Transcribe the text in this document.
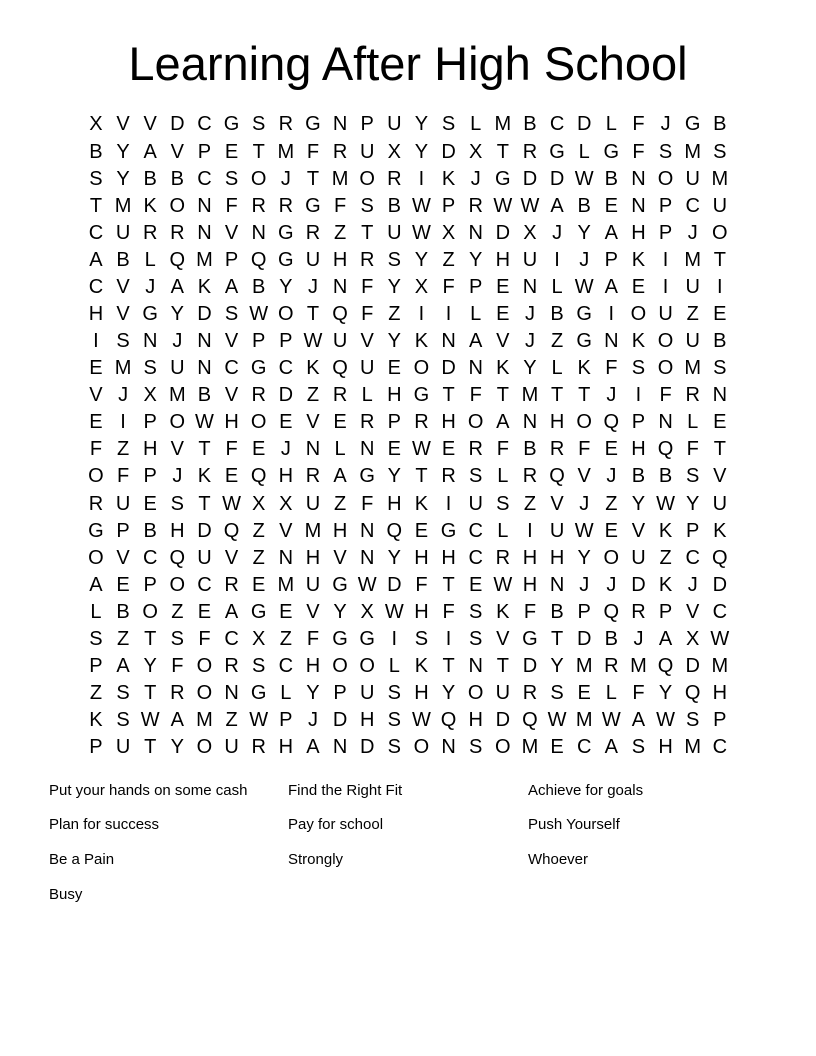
Learning After High School
X V V D C G S R G N P U Y S L M B C D L F J G B
B Y A V P E T M F R U X Y D X T R G L G F S M S
S Y B B C S O J T M O R I K J G D D W B N O U M
T M K O N F R R G F S B W P R W W A B E N P C U
C U R R N V N G R Z T U W X N D X J Y A H P J O
A B L Q M P Q G U H R S Y Z Y H U I J P K I M T
C V J A K A B Y J N F Y X F P E N L W A E I U I
H V G Y D S W O T Q F Z I	I L E J B G I O U Z E
I S N J N V P P W U V Y K N A V J Z G N K O U B
E M S U N C G C K Q U E O D N K Y L K F S O M S
V J X M B V R D Z R L H G T F T M T T J I F R N
E I P O W H O E V E R P R H O A N H O Q P N L E
F Z H V T F E J N L N E W E R F B R F E H Q F T
O F P J K E Q H R A G Y T R S L R Q V J B B S V
R U E S T W X X U Z F H K I U S Z V J Z Y W Y U
G P B H D Q Z V M H N Q E G C L I U W E V K P K
O V C Q U V Z N H V N Y H H C R H H Y O U Z C Q
A E P O C R E M U G W D F T E W H N J J D K J D
L B O Z E A G E V Y X W H F S K F B P Q R P V C
S Z T S F C X Z F G G I S I S V G T D B J A X W
P A Y F O R S C H O O L K T N T D Y M R M Q D M
Z S T R O N G L Y P U S H Y O U R S E L F Y Q H
K S W A M Z W P J D H S W Q H D Q W M W A W S P
P U T Y O U R H A N D S O N S O M E C A S H M C
Put your hands on some cash
Plan for success
Be a Pain
Busy
Find the Right Fit
Pay for school
Strongly
Achieve for goals
Push Yourself
Whoever
